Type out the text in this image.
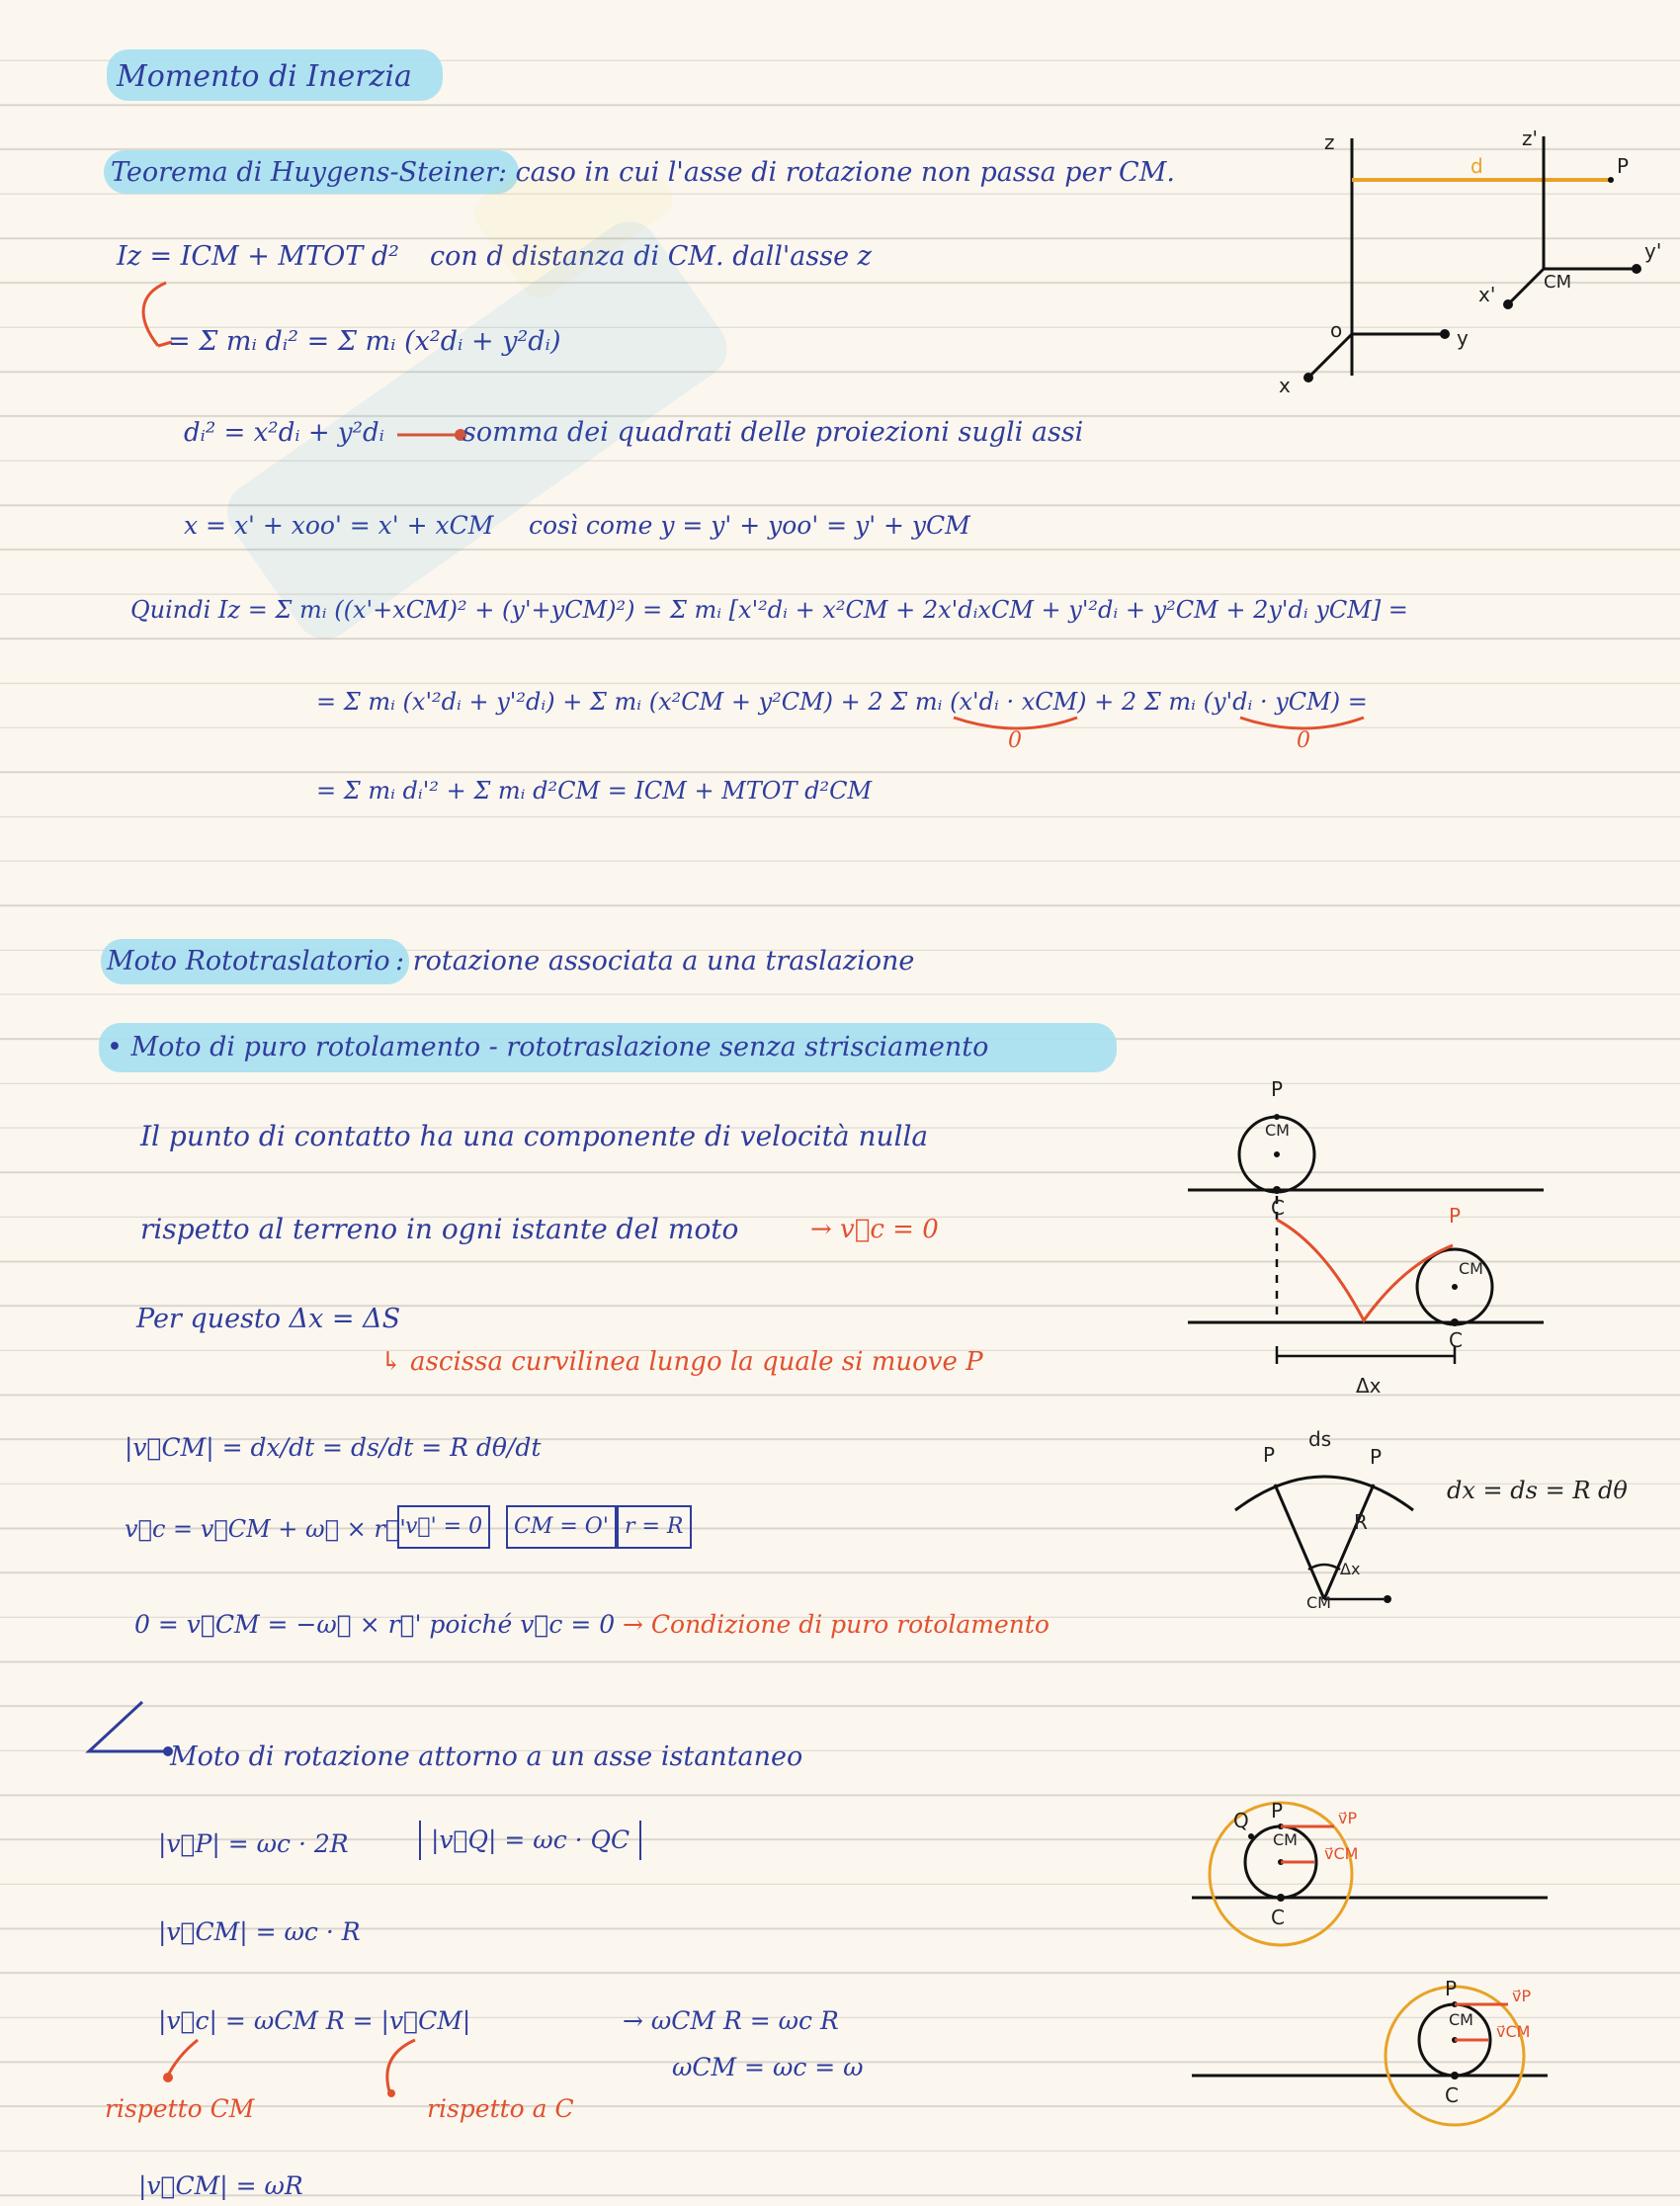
Momento di Inerzia
Teorema di Huygens-Steiner: caso in cui l'asse di rotazione non passa per CM.
Iz = ICM + MTOT d² con d distanza di CM. dall'asse z
= Σ mᵢ dᵢ² = Σ mᵢ (x²dᵢ + y²dᵢ)
dᵢ² = x²dᵢ + y²dᵢ	somma dei quadrati delle proiezioni sugli assi
x = x' + xoo' = x' + xCM così come y = y' + yoo' = y' + yCM
Quindi Iz = Σ mᵢ ((x'+xCM)² + (y'+yCM)²) = Σ mᵢ [x'²dᵢ + x²CM + 2x'dᵢxCM + y'²dᵢ + y²CM + 2y'dᵢ yCM] =
= Σ mᵢ (x'²dᵢ + y'²dᵢ) + Σ mᵢ (x²CM + y²CM) + 2 Σ mᵢ (x'dᵢ · xCM) + 2 Σ mᵢ (y'dᵢ · yCM) =
0	0
= Σ mᵢ dᵢ'² + Σ mᵢ d²CM = ICM + MTOT d²CM
z
y
x
o
z'
y'
x'
CM
P
d
Moto Rototraslatorio : rotazione associata a una traslazione
• Moto di puro rotolamento - rototraslazione senza strisciamento
Il punto di contatto ha una componente di velocità nulla
rispetto al terreno in ogni istante del moto	→ v⃗c = 0
Per questo Δx = ΔS
↳ ascissa curvilinea lungo la quale si muove P
|v⃗CM| = dx/dt = ds/dt = R dθ/dt
v⃗c = v⃗CM + ω⃗ × r⃗' v⃗' = 0	CM = O' r = R
0 = v⃗CM = −ω⃗ × r⃗' poiché v⃗c = 0 → Condizione di puro rotolamento
P
CM
C	P
CM
C
Δx
ds
P	P
R
Δx
CM
dx = ds = R dθ
Moto di rotazione attorno a un asse istantaneo
|v⃗P| = ωc · 2R	|v⃗Q| = ωc · QC
|v⃗CM| = ωc · R
|v⃗c| = ωCM R = |v⃗CM|	→ ωCM R = ωc R
ωCM = ωc = ω
rispetto CM	rispetto a C
|v⃗CM| = ωR
P
Q
CM
C
v⃗P
v⃗CM
P
CM
C
v⃗P
v⃗CM
